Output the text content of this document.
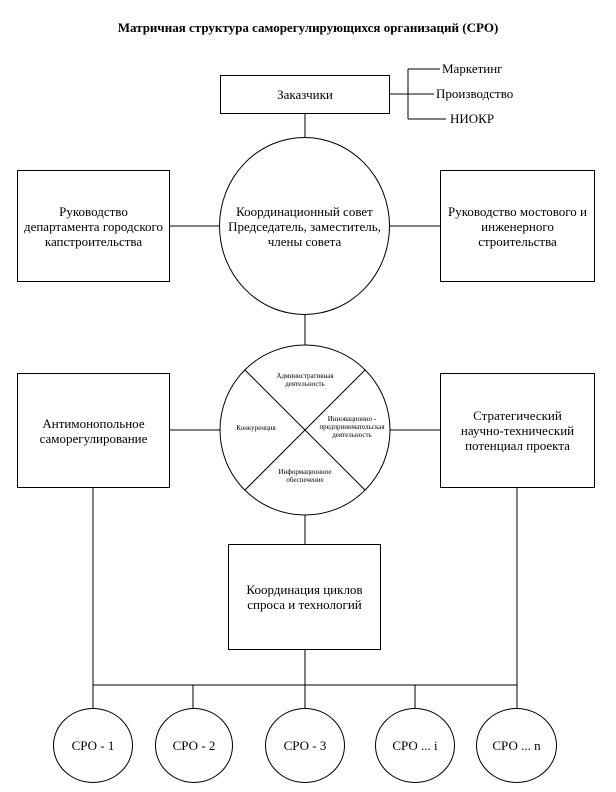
Матричная структура саморегулирующихся организаций (СРО)
Заказчики
Маркетинг
Производство
НИОКР
Координационный совет
Председатель, заместитель,
члены совета
Руководство
департамента городского
капстроительства
Руководство мостового и
инженерного
строительства
Антимонопольное
саморегулирование
Стратегический
научно-технический
потенциал проекта
Административная
деятельность
Конкуренция
Инновационно -
предпринимательская
деятельность
Информационное
обеспечение
Координация циклов
спроса и технологий
СРО - 1	СРО - 2	СРО - 3	СРО ... i	СРО ... n
